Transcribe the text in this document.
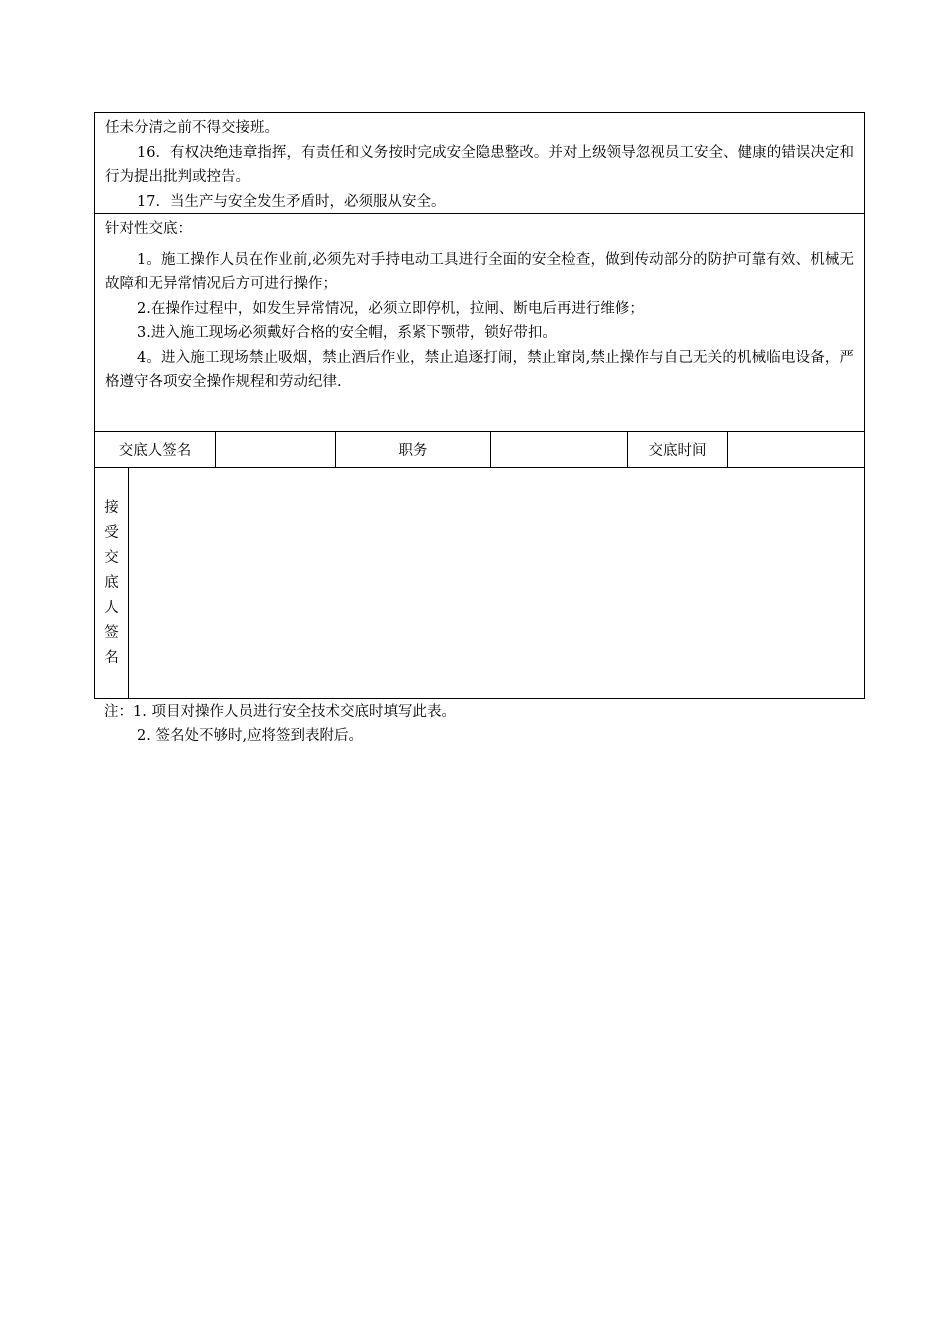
任未分清之前不得交接班。

16．有权决绝违章指挥，有责任和义务按时完成安全隐患整改。并对上级领导忽视员工安全、健康的错误决定和行为提出批判或控告。

17．当生产与安全发生矛盾时，必须服从安全。

针对性交底：

1。施工操作人员在作业前,必须先对手持电动工具进行全面的安全检查，做到传动部分的防护可靠有效、机械无故障和无异常情况后方可进行操作；

2.在操作过程中，如发生异常情况，必须立即停机，拉闸、断电后再进行维修；

3.进入施工现场必须戴好合格的安全帽，系紧下颚带，锁好带扣。

4。进入施工现场禁止吸烟，禁止酒后作业，禁止追逐打闹，禁止窜岗,禁止操作与自己无关的机械临电设备，严格遵守各项安全操作规程和劳动纪律.

交底人签名	职务	交底时间
接
受
交
底
人
签
名
注：1. 项目对操作人员进行安全技术交底时填写此表。
2. 签名处不够时,应将签到表附后。
